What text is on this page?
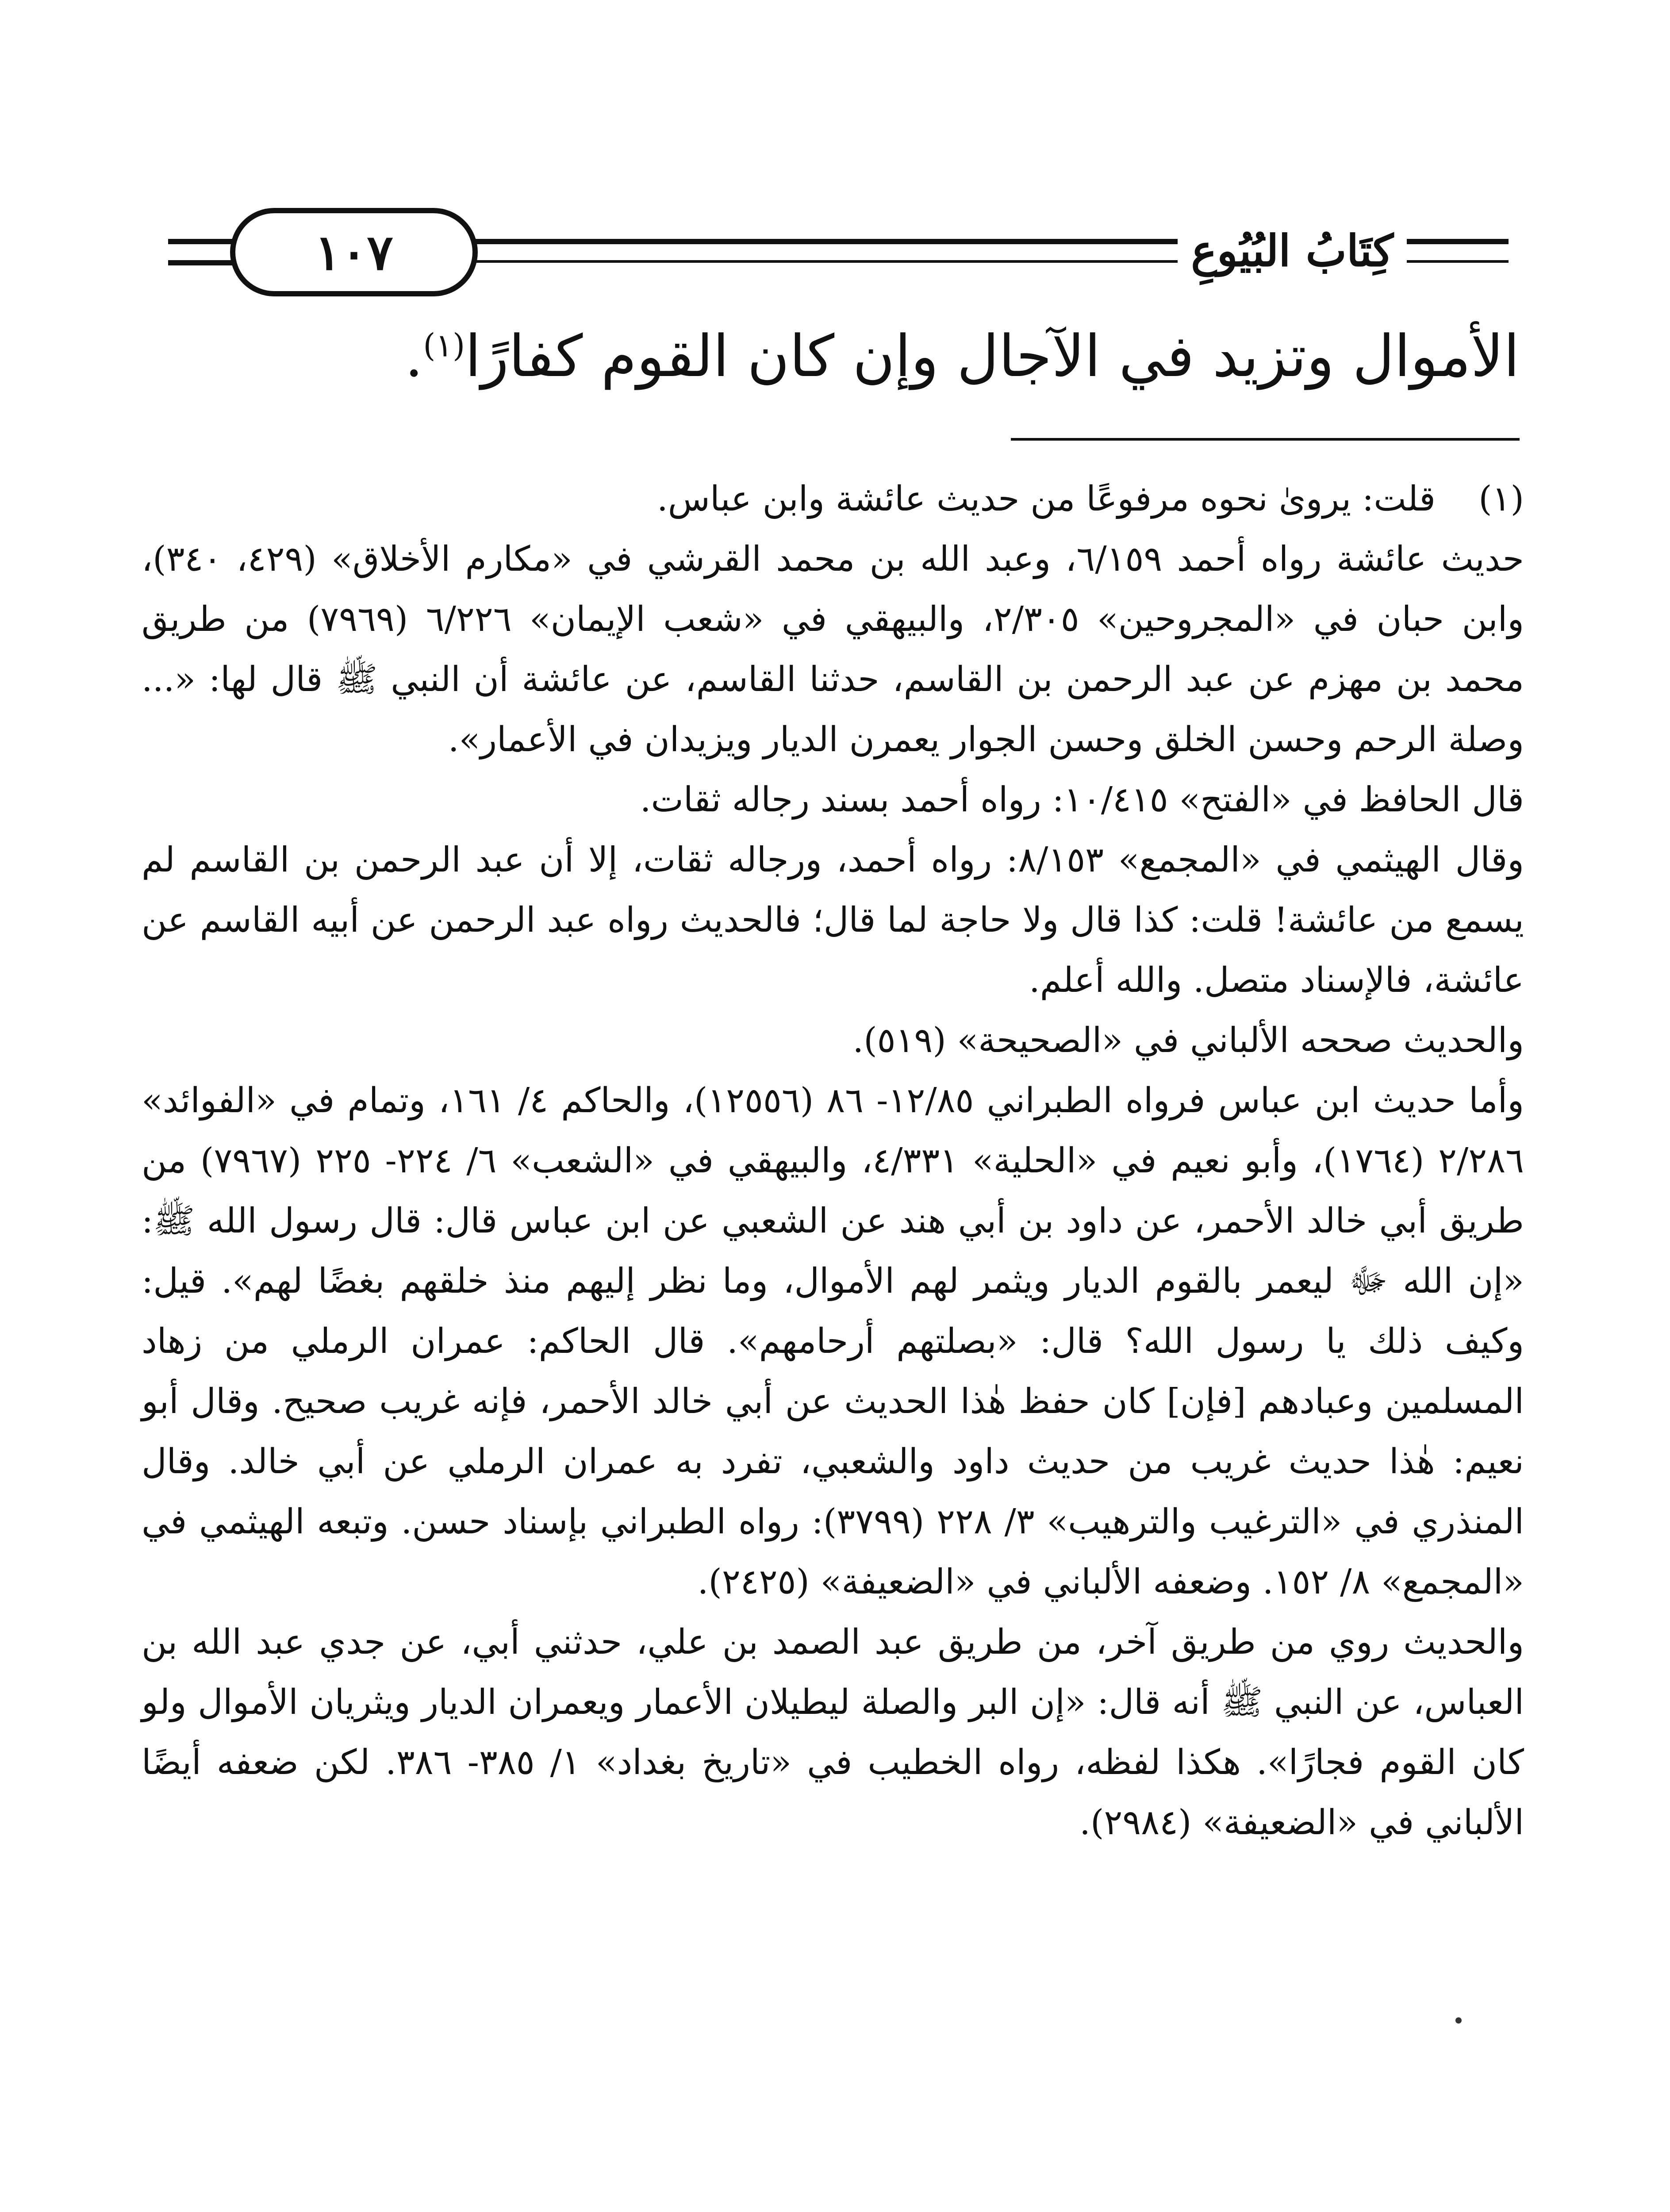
١٠٧	كِتَابُ البُيُوعِ
الأموال وتزيد في الآجال وإن كان القوم كفارًا$^{(١)}$.
(١)
قلت: يروىٰ نحوه مرفوعًا من حديث عائشة وابن عباس.

حديث عائشة رواه أحمد ٦/١٥٩، وعبد الله بن محمد القرشي في «مكارم الأخلاق» (٤٢٩، ٣٤٠)، وابن حبان في «المجروحين» ٢/٣٠٥، والبيهقي في «شعب الإيمان» ٦/٢٢٦ (٧٩٦٩) من طريق محمد بن مهزم عن عبد الرحمن بن القاسم، حدثنا القاسم، عن عائشة أن النبي ﷺ قال لها: «... وصلة الرحم وحسن الخلق وحسن الجوار يعمرن الديار ويزيدان في الأعمار».

قال الحافظ في «الفتح» ١٠/٤١٥: رواه أحمد بسند رجاله ثقات.

وقال الهيثمي في «المجمع» ٨/١٥٣: رواه أحمد، ورجاله ثقات، إلا أن عبد الرحمن بن القاسم لم يسمع من عائشة! قلت: كذا قال ولا حاجة لما قال؛ فالحديث رواه عبد الرحمن عن أبيه القاسم عن عائشة، فالإسناد متصل. والله أعلم.

والحديث صححه الألباني في «الصحيحة» (٥١٩).

وأما حديث ابن عباس فرواه الطبراني ١٢/٨٥- ٨٦ (١٢٥٥٦)، والحاكم ٤/ ١٦١، وتمام في «الفوائد» ٢/٢٨٦ (١٧٦٤)، وأبو نعيم في «الحلية» ٤/٣٣١، والبيهقي في «الشعب» ٦/ ٢٢٤- ٢٢٥ (٧٩٦٧) من طريق أبي خالد الأحمر، عن داود بن أبي هند عن الشعبي عن ابن عباس قال: قال رسول الله ﷺ: «إن الله ﷻ ليعمر بالقوم الديار ويثمر لهم الأموال، وما نظر إليهم منذ خلقهم بغضًا لهم». قيل: وكيف ذلك يا رسول الله؟ قال: «بصلتهم أرحامهم». قال الحاكم: عمران الرملي من زهاد المسلمين وعبادهم [فإن] كان حفظ هٰذا الحديث عن أبي خالد الأحمر، فإنه غريب صحيح. وقال أبو نعيم: هٰذا حديث غريب من حديث داود والشعبي، تفرد به عمران الرملي عن أبي خالد. وقال المنذري في «الترغيب والترهيب» ٣/ ٢٢٨ (٣٧٩٩): رواه الطبراني بإسناد حسن. وتبعه الهيثمي في «المجمع» ٨/ ١٥٢. وضعفه الألباني في «الضعيفة» (٢٤٢٥).

والحديث روي من طريق آخر، من طريق عبد الصمد بن علي، حدثني أبي، عن جدي عبد الله بن العباس، عن النبي ﷺ أنه قال: «إن البر والصلة ليطيلان الأعمار ويعمران الديار ويثريان الأموال ولو كان القوم فجارًا». هكذا لفظه، رواه الخطيب في «تاريخ بغداد» ١/ ٣٨٥- ٣٨٦. لكن ضعفه أيضًا الألباني في «الضعيفة» (٢٩٨٤).
